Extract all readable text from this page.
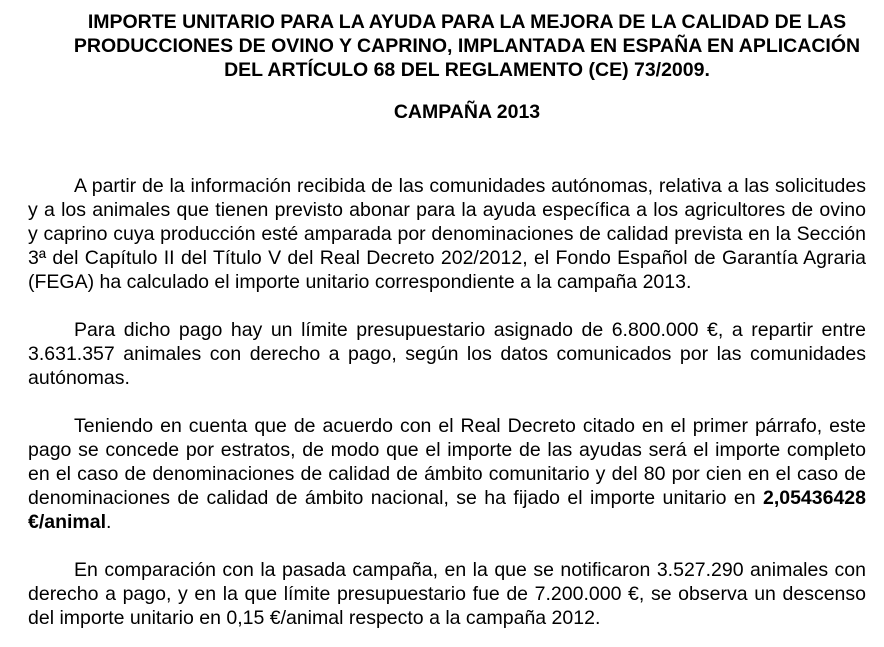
IMPORTE UNITARIO PARA LA AYUDA PARA LA MEJORA DE LA CALIDAD DE LAS PRODUCCIONES DE OVINO Y CAPRINO, IMPLANTADA EN ESPAÑA EN APLICACIÓN DEL ARTÍCULO 68 DEL REGLAMENTO (CE) 73/2009.

CAMPAÑA 2013

A partir de la información recibida de las comunidades autónomas, relativa a las solicitudes y a los animales que tienen previsto abonar para la ayuda específica a los agricultores de ovino y caprino cuya producción esté amparada por denominaciones de calidad prevista en la Sección 3ª del Capítulo II del Título V del Real Decreto 202/2012, el Fondo Español de Garantía Agraria (FEGA) ha calculado el importe unitario correspondiente a la campaña 2013.

Para dicho pago hay un límite presupuestario asignado de 6.800.000 €, a repartir entre 3.631.357 animales con derecho a pago, según los datos comunicados por las comunidades autónomas.

Teniendo en cuenta que de acuerdo con el Real Decreto citado en el primer párrafo, este pago se concede por estratos, de modo que el importe de las ayudas será el importe completo en el caso de denominaciones de calidad de ámbito comunitario y del 80 por cien en el caso de denominaciones de calidad de ámbito nacional, se ha fijado el importe unitario en 2,05436428 €/animal.

En comparación con la pasada campaña, en la que se notificaron 3.527.290 animales con derecho a pago, y en la que límite presupuestario fue de 7.200.000 €, se observa un descenso del importe unitario en 0,15 €/animal respecto a la campaña 2012.
